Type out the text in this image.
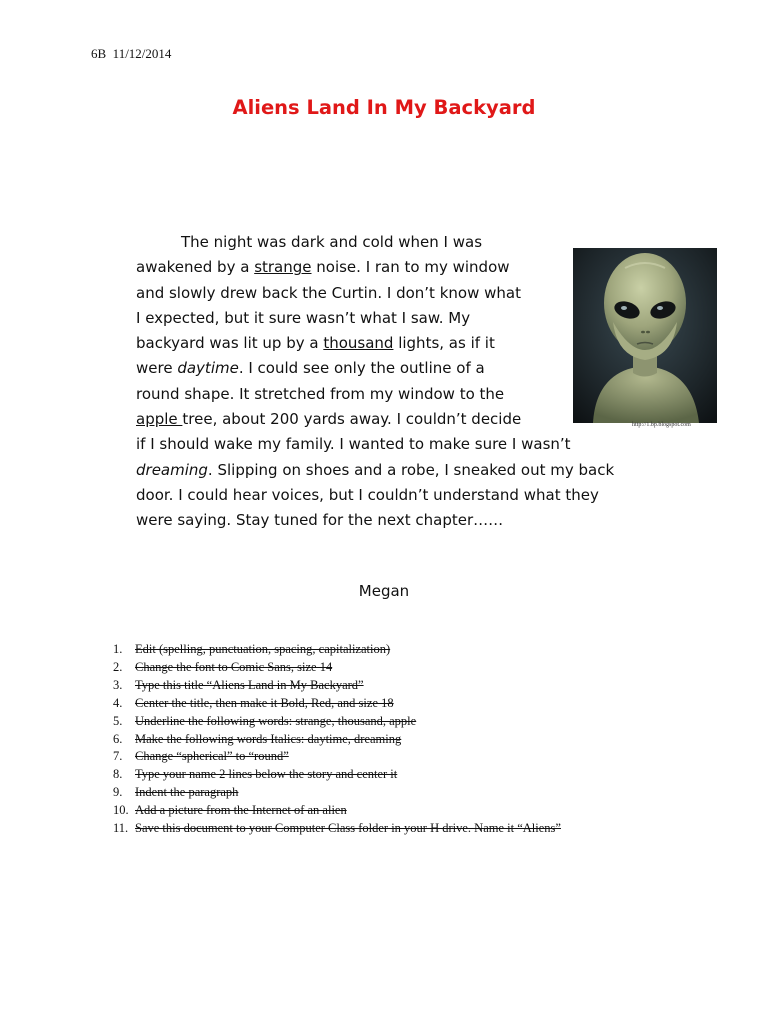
6B  11/12/2014
Aliens Land In My Backyard
The night was dark and cold when I was
awakened by a strange noise. I ran to my window
and slowly drew back the Curtin. I don’t know what
I expected, but it sure wasn’t what I saw. My
backyard was lit up by a thousand lights, as if it
were daytime. I could see only the outline of a
round shape. It stretched from my window to the
apple tree, about 200 yards away. I couldn’t decide
if I should wake my family. I wanted to make sure I wasn’t
dreaming. Slipping on shoes and a robe, I sneaked out my back
door. I could hear voices, but I couldn’t understand what they
were saying. Stay tuned for the next chapter……
http://1.bp.blogspot.com
Megan
1. Edit (spelling, punctuation, spacing, capitalization)
2. Change the font to Comic Sans, size 14
3. Type this title “Aliens Land in My Backyard”
4. Center the title, then make it Bold, Red, and size 18
5. Underline the following words: strange, thousand, apple
6. Make the following words Italics: daytime, dreaming
7. Change “spherical” to “round”
8. Type your name 2 lines below the story and center it
9. Indent the paragraph
10. Add a picture from the Internet of an alien
11. Save this document to your Computer Class folder in your H drive. Name it “Aliens”
